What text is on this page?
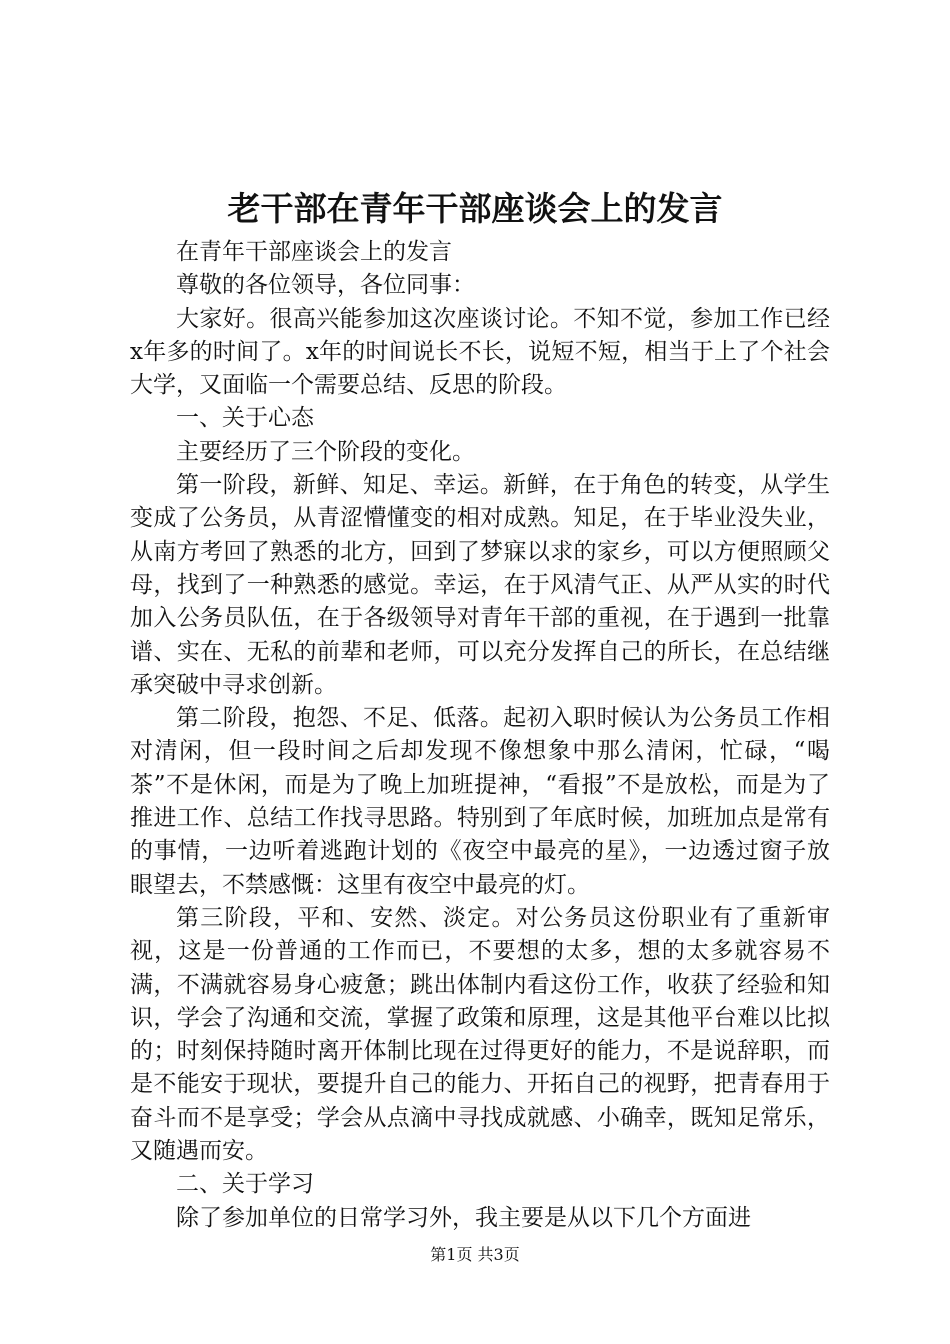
老干部在青年干部座谈会上的发言

在青年干部座谈会上的发言

尊敬的各位领导，各位同事：

大家好。很高兴能参加这次座谈讨论。不知不觉，参加工作已经x年多的时间了。x年的时间说长不长，说短不短，相当于上了个社会大学，又面临一个需要总结、反思的阶段。

一、关于心态

主要经历了三个阶段的变化。

第一阶段，新鲜、知足、幸运。新鲜，在于角色的转变，从学生变成了公务员，从青涩懵懂变的相对成熟。知足，在于毕业没失业，从南方考回了熟悉的北方，回到了梦寐以求的家乡，可以方便照顾父母，找到了一种熟悉的感觉。幸运，在于风清气正、从严从实的时代加入公务员队伍，在于各级领导对青年干部的重视，在于遇到一批靠谱、实在、无私的前辈和老师，可以充分发挥自己的所长，在总结继承突破中寻求创新。

第二阶段，抱怨、不足、低落。起初入职时候认为公务员工作相对清闲，但一段时间之后却发现不像想象中那么清闲，忙碌，“喝茶”不是休闲，而是为了晚上加班提神，“看报”不是放松，而是为了推进工作、总结工作找寻思路。特别到了年底时候，加班加点是常有的事情，一边听着逃跑计划的《夜空中最亮的星》，一边透过窗子放眼望去，不禁感慨：这里有夜空中最亮的灯。

第三阶段，平和、安然、淡定。对公务员这份职业有了重新审视，这是一份普通的工作而已，不要想的太多，想的太多就容易不满，不满就容易身心疲惫；跳出体制内看这份工作，收获了经验和知识，学会了沟通和交流，掌握了政策和原理，这是其他平台难以比拟的；时刻保持随时离开体制比现在过得更好的能力，不是说辞职，而是不能安于现状，要提升自己的能力、开拓自己的视野，把青春用于奋斗而不是享受；学会从点滴中寻找成就感、小确幸，既知足常乐，又随遇而安。

二、关于学习

除了参加单位的日常学习外，我主要是从以下几个方面进

第1页 共3页
